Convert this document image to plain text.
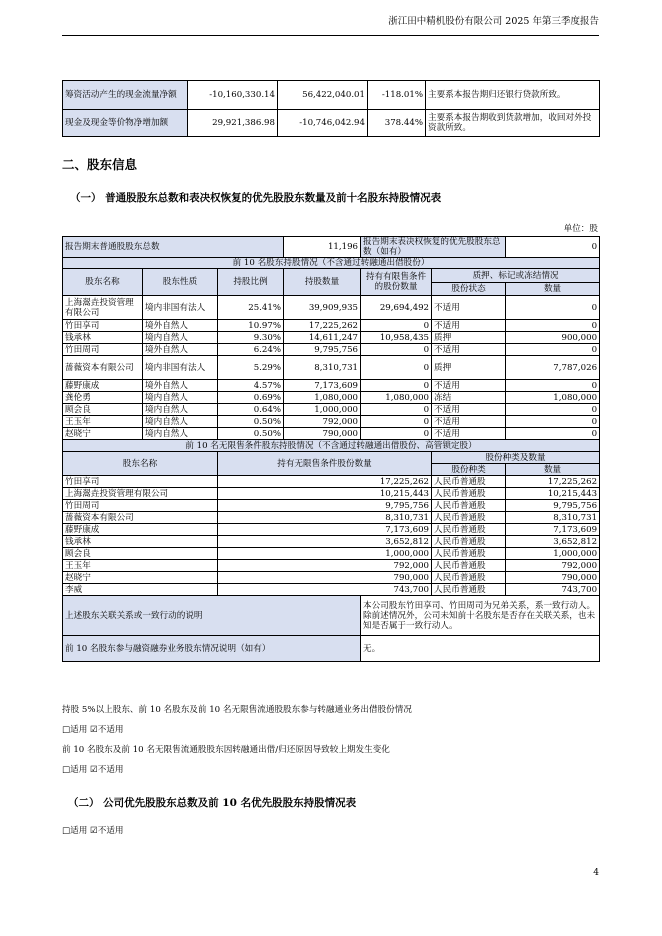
浙江田中精机股份有限公司 2025 年第三季度报告
筹资活动产生的现金流量净额	-10,160,330.14	56,422,040.01	-118.01%	主要系本报告期归还银行贷款所致。
现金及现金等价物净增加额	29,921,386.98	-10,746,042.94	378.44%	主要系本报告期收到货款增加，收回对外投资款所致。
二、股东信息
（一） 普通股股东总数和表决权恢复的优先股股东数量及前十名股东持股情况表
单位：股
报告期末普通股股东总数			11,196	报告期末表决权恢复的优先股股东总数（如有）		0
前 10 名股东持股情况（不含通过转融通出借股份）						
股东名称	股东性质	持股比例	持股数量	持有有限售条件的股份数量	质押、标记或冻结情况	
					股份状态	数量
上海翯垚投资管理有限公司	境内非国有法人	25.41%	39,909,935	29,694,492	不适用	0
竹田享司	境外自然人	10.97%	17,225,262	0	不适用	0
钱承林	境内自然人	9.30%	14,611,247	10,958,435	质押	900,000
竹田周司	境外自然人	6.24%	9,795,756	0	不适用	0
蔷薇资本有限公司	境内非国有法人	5.29%	8,310,731	0	质押	7,787,026
藤野康成	境外自然人	4.57%	7,173,609	0	不适用	0
龚伦勇	境内自然人	0.69%	1,080,000	1,080,000	冻结	1,080,000
顾会良	境内自然人	0.64%	1,000,000	0	不适用	0
王玉年	境内自然人	0.50%	792,000	0	不适用	0
赵晓宁	境内自然人	0.50%	790,000	0	不适用	0
前 10 名无限售条件股东持股情况（不含通过转融通出借股份、高管锁定股）						
股东名称		持有无限售条件股份数量			股份种类及数量	
					股份种类	数量
竹田享司		17,225,262			人民币普通股	17,225,262
上海翯垚投资管理有限公司		10,215,443			人民币普通股	10,215,443
竹田周司		9,795,756			人民币普通股	9,795,756
蔷薇资本有限公司		8,310,731			人民币普通股	8,310,731
藤野康成		7,173,609			人民币普通股	7,173,609
钱承林		3,652,812			人民币普通股	3,652,812
顾会良		1,000,000			人民币普通股	1,000,000
王玉年		792,000			人民币普通股	792,000
赵晓宁		790,000			人民币普通股	790,000
李威		743,700			人民币普通股	743,700
上述股东关联关系或一致行动的说明				本公司股东竹田享司、竹田周司为兄弟关系，系一致行动人。除前述情况外，公司未知前十名股东是否存在关联关系，也未知是否属于一致行动人。		
前 10 名股东参与融资融券业务股东情况说明（如有）				无。		
持股 5%以上股东、前 10 名股东及前 10 名无限售流通股股东参与转融通业务出借股份情况
□适用 ☑不适用
前 10 名股东及前 10 名无限售流通股股东因转融通出借/归还原因导致较上期发生变化
□适用 ☑不适用
（二） 公司优先股股东总数及前 10 名优先股股东持股情况表
□适用 ☑不适用
4
